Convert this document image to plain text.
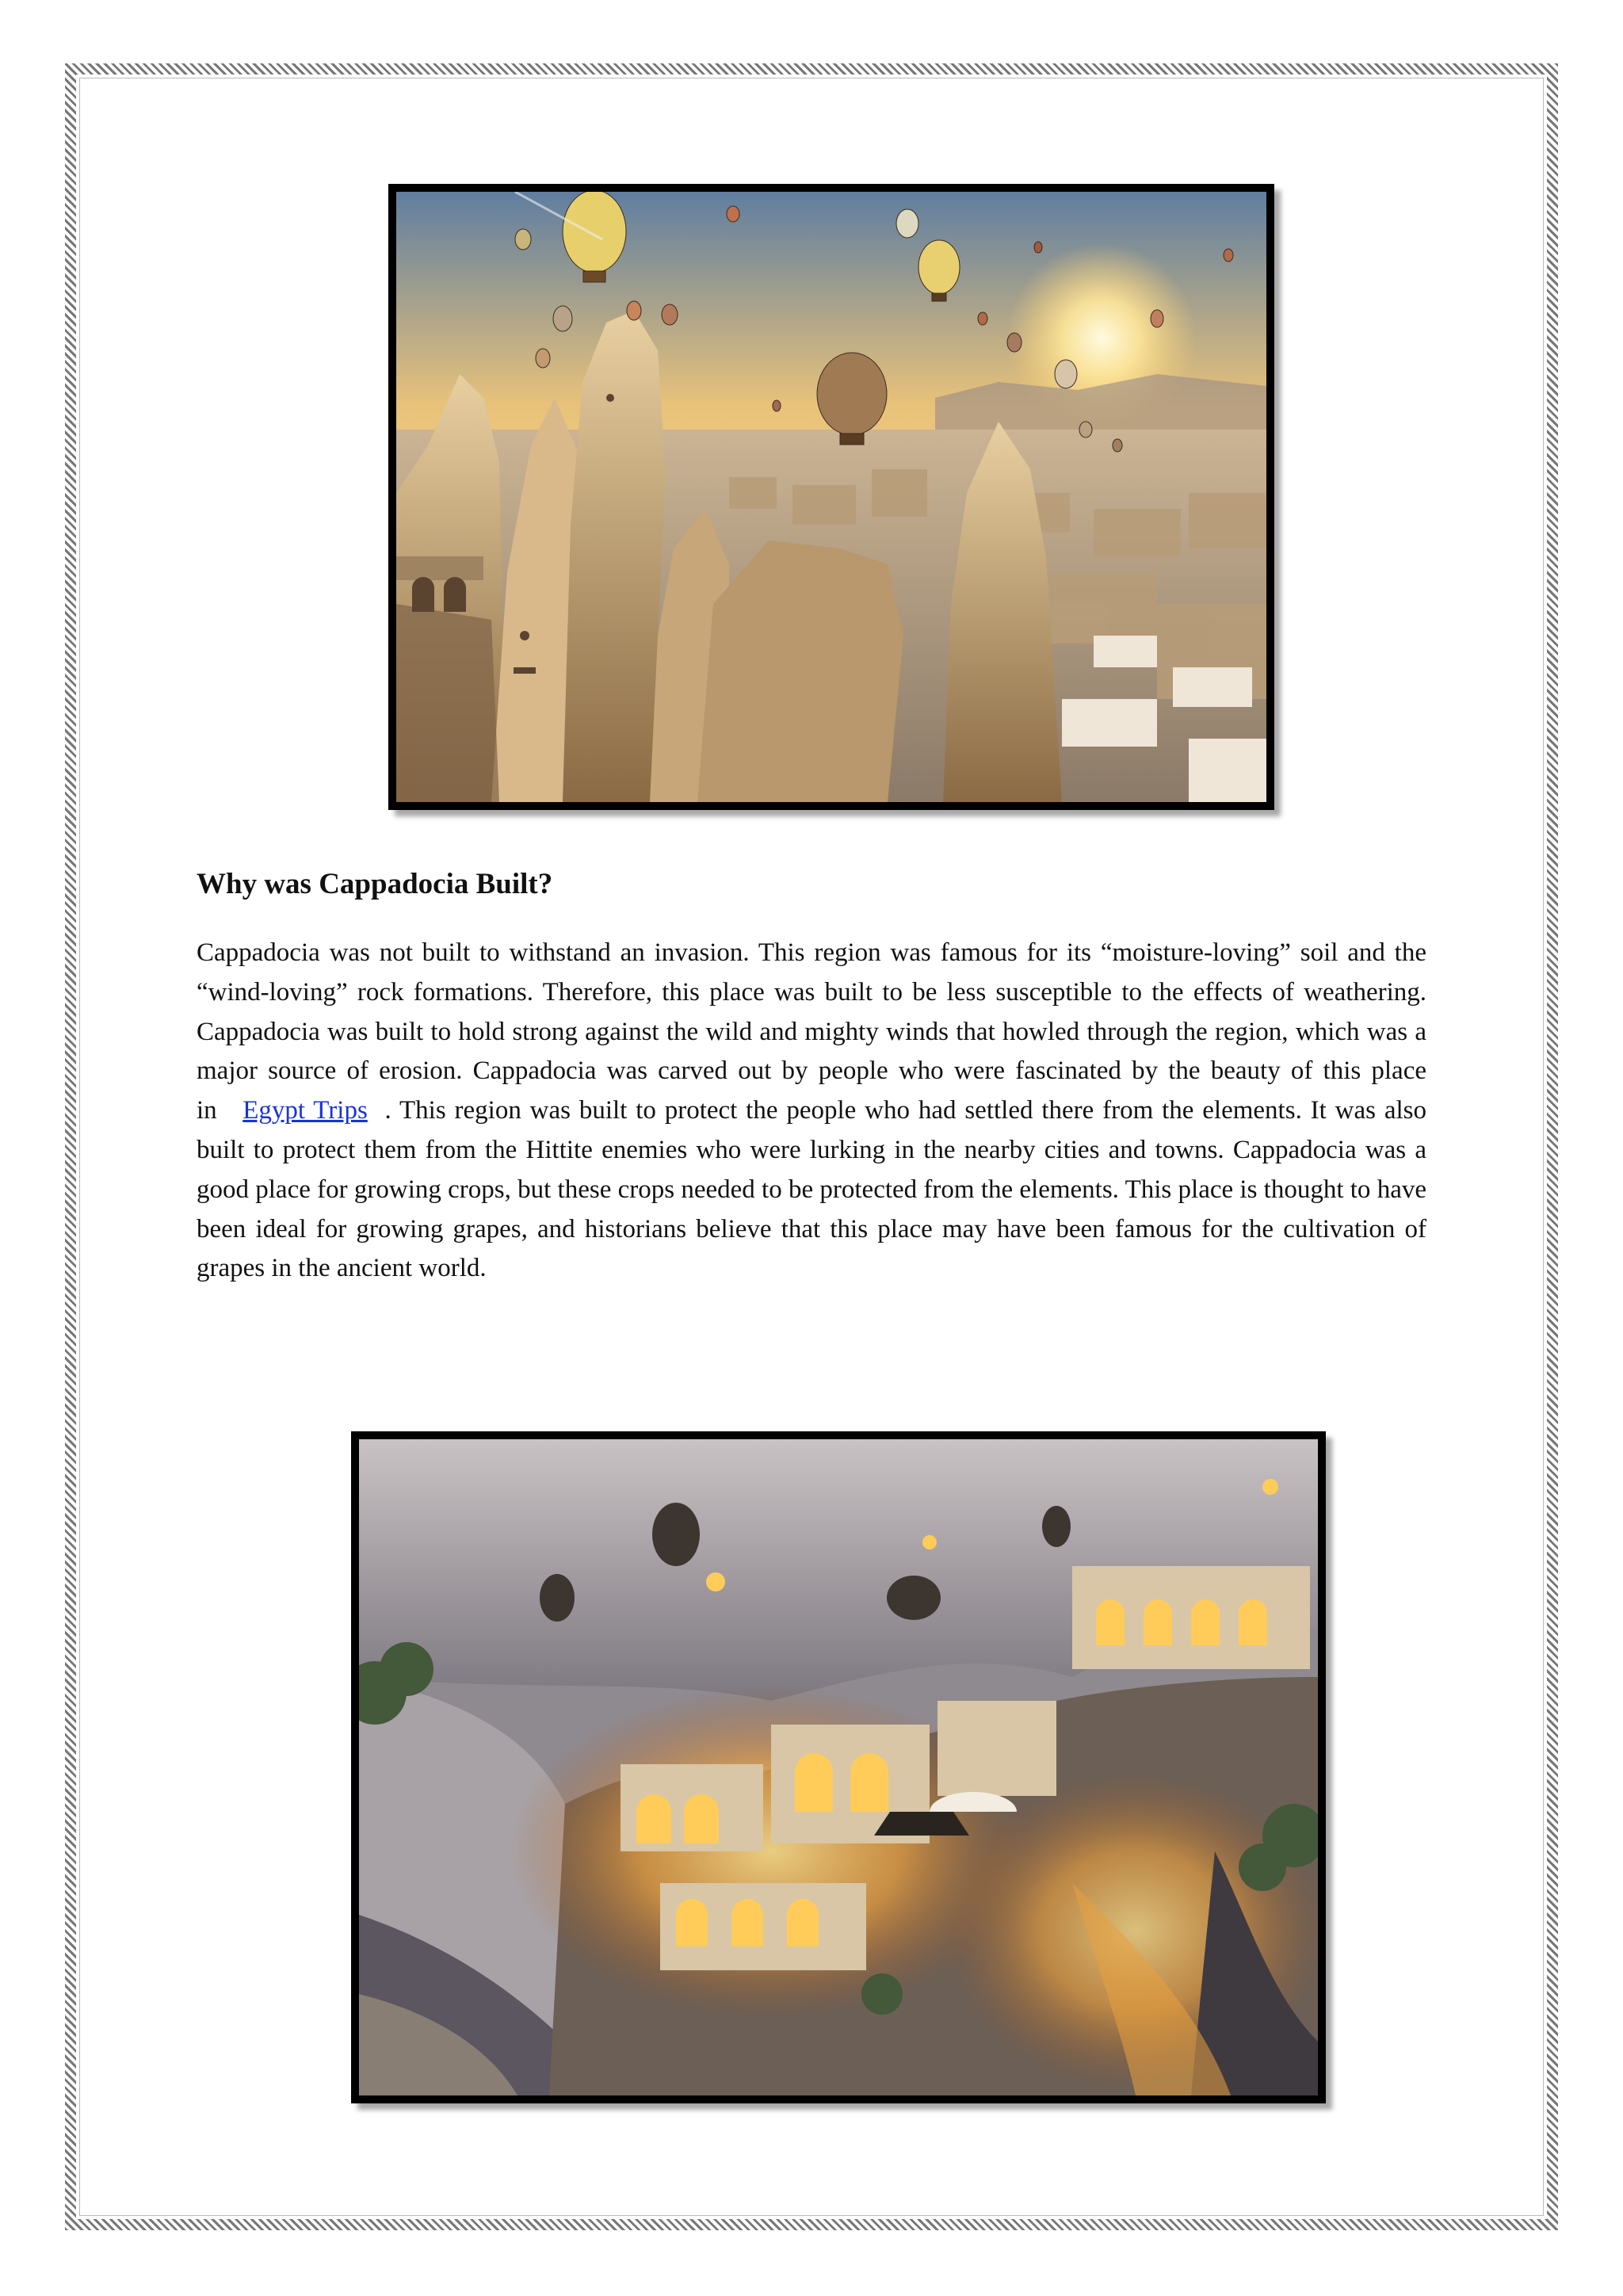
Why was Cappadocia Built?

Cappadocia was not built to withstand an invasion. This region was famous for its “moisture-loving” soil and the “wind-loving” rock formations. Therefore, this place was built to be less susceptible to the effects of weathering. Cappadocia was built to hold strong against the wild and mighty winds that howled through the region, which was a major source of erosion. Cappadocia was carved out by people who were fascinated by the beauty of this place in Egypt Trips . This region was built to protect the people who had settled there from the elements. It was also built to protect them from the Hittite enemies who were lurking in the nearby cities and towns. Cappadocia was a good place for growing crops, but these crops needed to be protected from the elements. This place is thought to have been ideal for growing grapes, and historians believe that this place may have been famous for the cultivation of grapes in the ancient world.
